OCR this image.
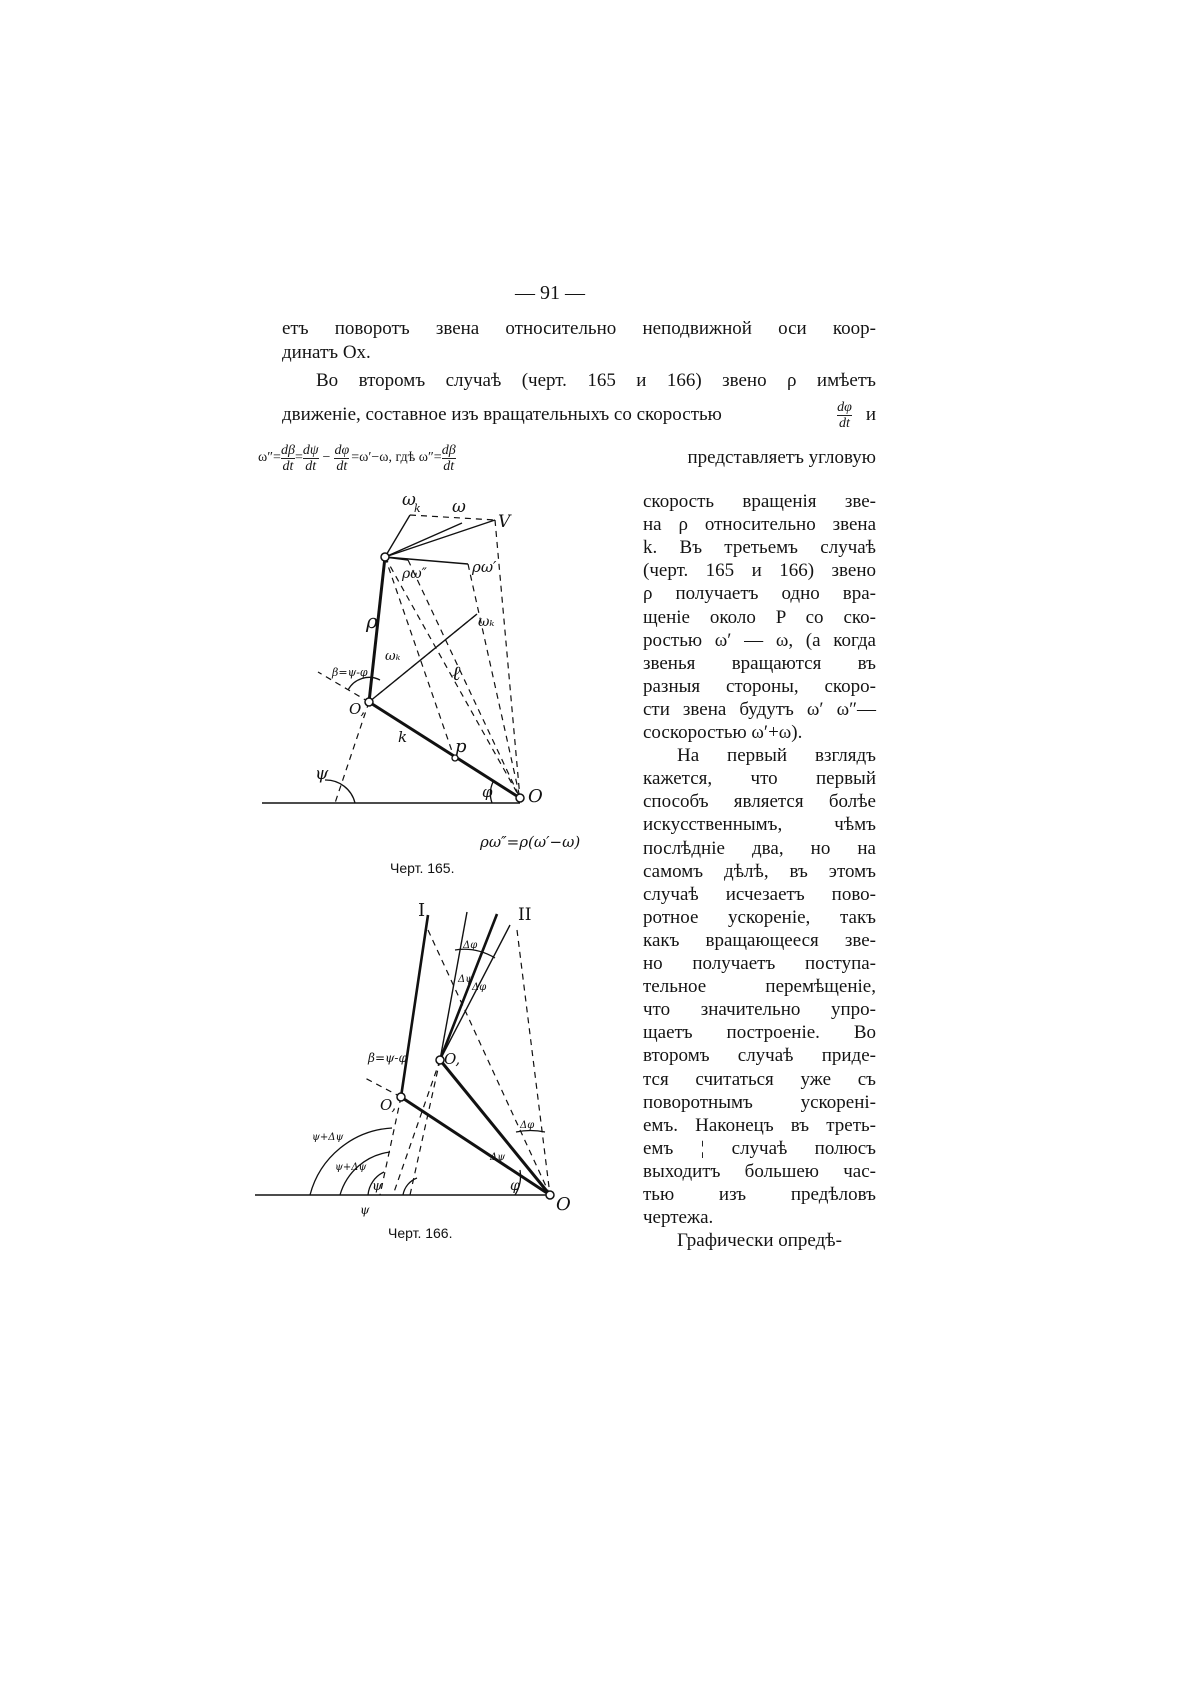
— 91 —
етъ поворотъ звена относительно неподвижной оси коор-
динатъ Ox.
Во второмъ случаѣ (черт. 165 и 166) звено ρ имѣетъ
движеніе, составное изъ вращательныхъ со скоростью	$\frac{d\varphi}{dt}$ и
$\omega''= \frac{d\beta}{dt} = \frac{d\psi}{dt} - \frac{d\varphi}{dt} =\omega'-\omega$, гдѣ $\omega''= \frac{d\beta}{dt}$	представляетъ угловую
скорость вращенія зве-
на ρ относительно звена
k. Въ третьемъ случаѣ
(черт. 165 и 166) звено
ρ получаетъ одно вра-
щеніе около P со ско-
ростью ω′ — ω, (а когда
звенья вращаются въ
разныя стороны, скоро-
сти звена будутъ ω′ ω″—
соскоростью ω′+ω).
На первый взглядъ
кажется, что первый
способъ является болѣе
искусственнымъ, чѣмъ
послѣдніе два, но на
самомъ дѣлѣ, въ этомъ
случаѣ исчезаетъ пово-
ротное ускореніе, такъ
какъ вращающееся зве-
но получаетъ поступа-
тельное перемѣщеніе,
что значительно упро-
щаетъ построеніе. Во
второмъ случаѣ приде-
тся считаться уже съ
поворотнымъ ускоренi-
емъ. Наконецъ въ треть-
емъ ¦ случаѣ полюсъ
выходитъ большею час-
тью изъ предѣловъ
чертежа.
Графически опредѣ-
ω
k ω
V
ρω″	ρω′
ρ	ωₖ
ωₖ
β=ψ-φ	ℓ
O,
k	p
ψ
φ O
ρω″=ρ(ω′−ω)
Черт. 165.
I	II
Δφ
Δψ
Δφ
β=ψ-φ O,
O,
Δφ
Δψ
ψ+Δψ
ψ+Δψ
ψ	φ
O
ψ
Черт. 166.
